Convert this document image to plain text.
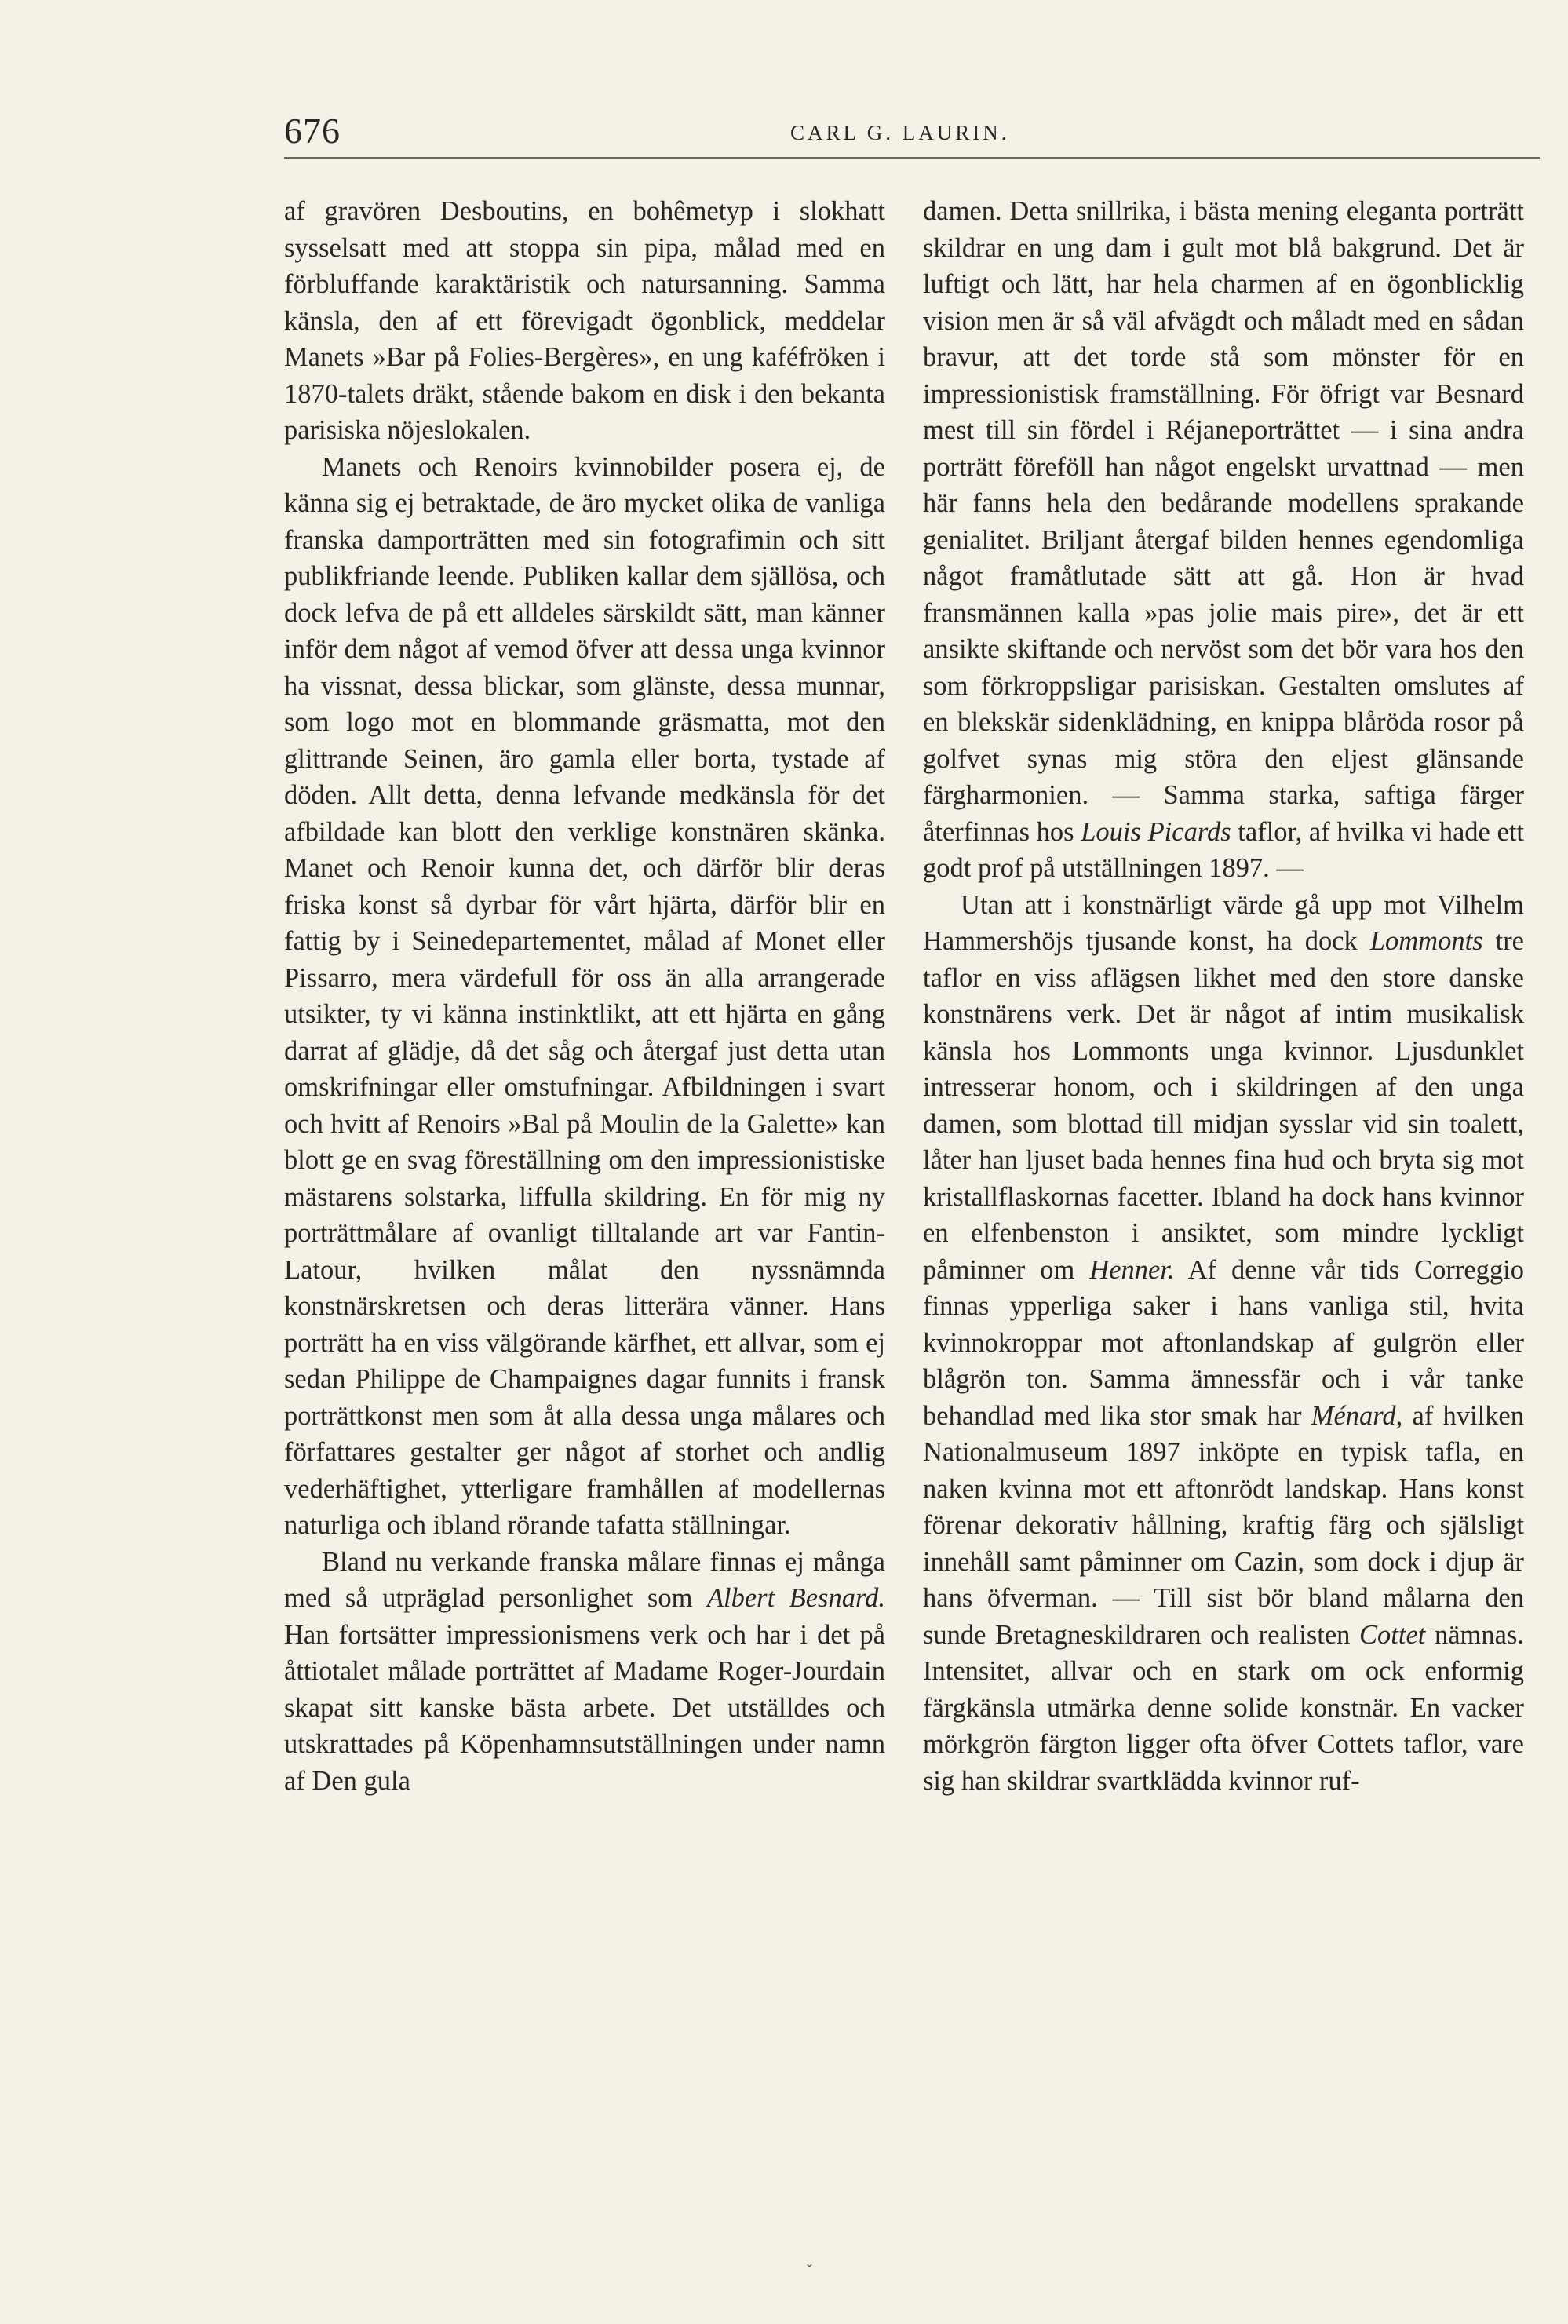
676	CARL G. LAURIN.

af gravören Desboutins, en bohêmetyp i slokhatt sysselsatt med att stoppa sin pipa, målad med en förbluffande karaktäristik och natursanning. Samma känsla, den af ett förevigadt ögonblick, meddelar Manets »Bar på Folies-Bergères», en ung kaféfröken i 1870-talets dräkt, stående bakom en disk i den bekanta parisiska nöjeslokalen.

Manets och Renoirs kvinnobilder posera ej, de känna sig ej betraktade, de äro mycket olika de vanliga franska damporträtten med sin fotografimin och sitt publikfriande leende. Publiken kallar dem själlösa, och dock lefva de på ett alldeles särskildt sätt, man känner inför dem något af vemod öfver att dessa unga kvinnor ha vissnat, dessa blickar, som glänste, dessa munnar, som logo mot en blommande gräsmatta, mot den glittrande Seinen, äro gamla eller borta, tystade af döden. Allt detta, denna lefvande medkänsla för det afbildade kan blott den verklige konstnären skänka. Manet och Renoir kunna det, och därför blir deras friska konst så dyrbar för vårt hjärta, därför blir en fattig by i Seinedepartementet, målad af Monet eller Pissarro, mera värdefull för oss än alla arrangerade utsikter, ty vi känna instinktlikt, att ett hjärta en gång darrat af glädje, då det såg och återgaf just detta utan omskrifningar eller omstufningar. Afbildningen i svart och hvitt af Renoirs »Bal på Moulin de la Galette» kan blott ge en svag föreställning om den impressionistiske mästarens solstarka, liffulla skildring. En för mig ny porträttmålare af ovanligt tilltalande art var Fantin-Latour, hvilken målat den nyssnämnda konstnärskretsen och deras litterära vänner. Hans porträtt ha en viss välgörande kärfhet, ett allvar, som ej sedan Philippe de Champaignes dagar funnits i fransk porträttkonst men som åt alla dessa unga målares och författares gestalter ger något af storhet och andlig vederhäftighet, ytterligare framhållen af modellernas naturliga och ibland rörande tafatta ställningar.

Bland nu verkande franska målare finnas ej många med så utpräglad personlighet som Albert Besnard. Han fortsätter impressionismens verk och har i det på åttiotalet målade porträttet af Madame Roger-Jourdain skapat sitt kanske bästa arbete. Det utställdes och utskrattades på Köpenhamnsutställningen under namn af Den gula

damen. Detta snillrika, i bästa mening eleganta porträtt skildrar en ung dam i gult mot blå bakgrund. Det är luftigt och lätt, har hela charmen af en ögonblicklig vision men är så väl afvägdt och måladt med en sådan bravur, att det torde stå som mönster för en impressionistisk framställning. För öfrigt var Besnard mest till sin fördel i Réjaneporträttet — i sina andra porträtt föreföll han något engelskt urvattnad — men här fanns hela den bedårande modellens sprakande genialitet. Briljant återgaf bilden hennes egendomliga något framåtlutade sätt att gå. Hon är hvad fransmännen kalla »pas jolie mais pire», det är ett ansikte skiftande och nervöst som det bör vara hos den som förkroppsligar parisiskan. Gestalten omslutes af en blekskär sidenklädning, en knippa blåröda rosor på golfvet synas mig störa den eljest glänsande färgharmonien. — Samma starka, saftiga färger återfinnas hos Louis Picards taflor, af hvilka vi hade ett godt prof på utställningen 1897. —

Utan att i konstnärligt värde gå upp mot Vilhelm Hammershöjs tjusande konst, ha dock Lommonts tre taflor en viss aflägsen likhet med den store danske konstnärens verk. Det är något af intim musikalisk känsla hos Lommonts unga kvinnor. Ljusdunklet intresserar honom, och i skildringen af den unga damen, som blottad till midjan sysslar vid sin toalett, låter han ljuset bada hennes fina hud och bryta sig mot kristallflaskornas facetter. Ibland ha dock hans kvinnor en elfenbenston i ansiktet, som mindre lyckligt påminner om Henner. Af denne vår tids Correggio finnas ypperliga saker i hans vanliga stil, hvita kvinnokroppar mot aftonlandskap af gulgrön eller blågrön ton. Samma ämnessfär och i vår tanke behandlad med lika stor smak har Ménard, af hvilken Nationalmuseum 1897 inköpte en typisk tafla, en naken kvinna mot ett aftonrödt landskap. Hans konst förenar dekorativ hållning, kraftig färg och själsligt innehåll samt påminner om Cazin, som dock i djup är hans öfverman. — Till sist bör bland målarna den sunde Bretagneskildraren och realisten Cottet nämnas. Intensitet, allvar och en stark om ock enformig färgkänsla utmärka denne solide konstnär. En vacker mörkgrön färgton ligger ofta öfver Cottets taflor, vare sig han skildrar svartklädda kvinnor ruf-

ˇ
